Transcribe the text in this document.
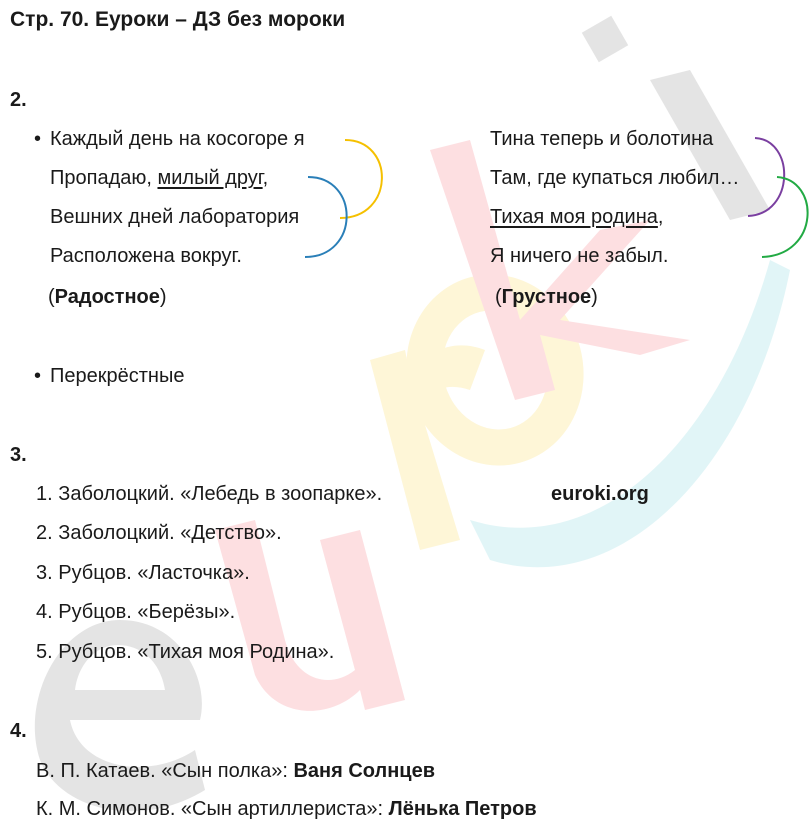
Стр. 70. Еуроки – ДЗ без мороки
2.
• Каждый день на косогоре я
Пропадаю, милый друг,
Вешних дней лаборатория
Расположена вокруг.
(Радостное)
Тина теперь и болотина
Там, где купаться любил…
Тихая моя родина,
Я ничего не забыл.
(Грустное)
• Перекрёстные
3.
1. Заболоцкий. «Лебедь в зоопарке».	euroki.org
2. Заболоцкий. «Детство».
3. Рубцов. «Ласточка».
4. Рубцов. «Берёзы».
5. Рубцов. «Тихая моя Родина».
4.
В. П. Катаев. «Сын полка»: Ваня Солнцев
К. М. Симонов. «Сын артиллериста»: Лёнька Петров
